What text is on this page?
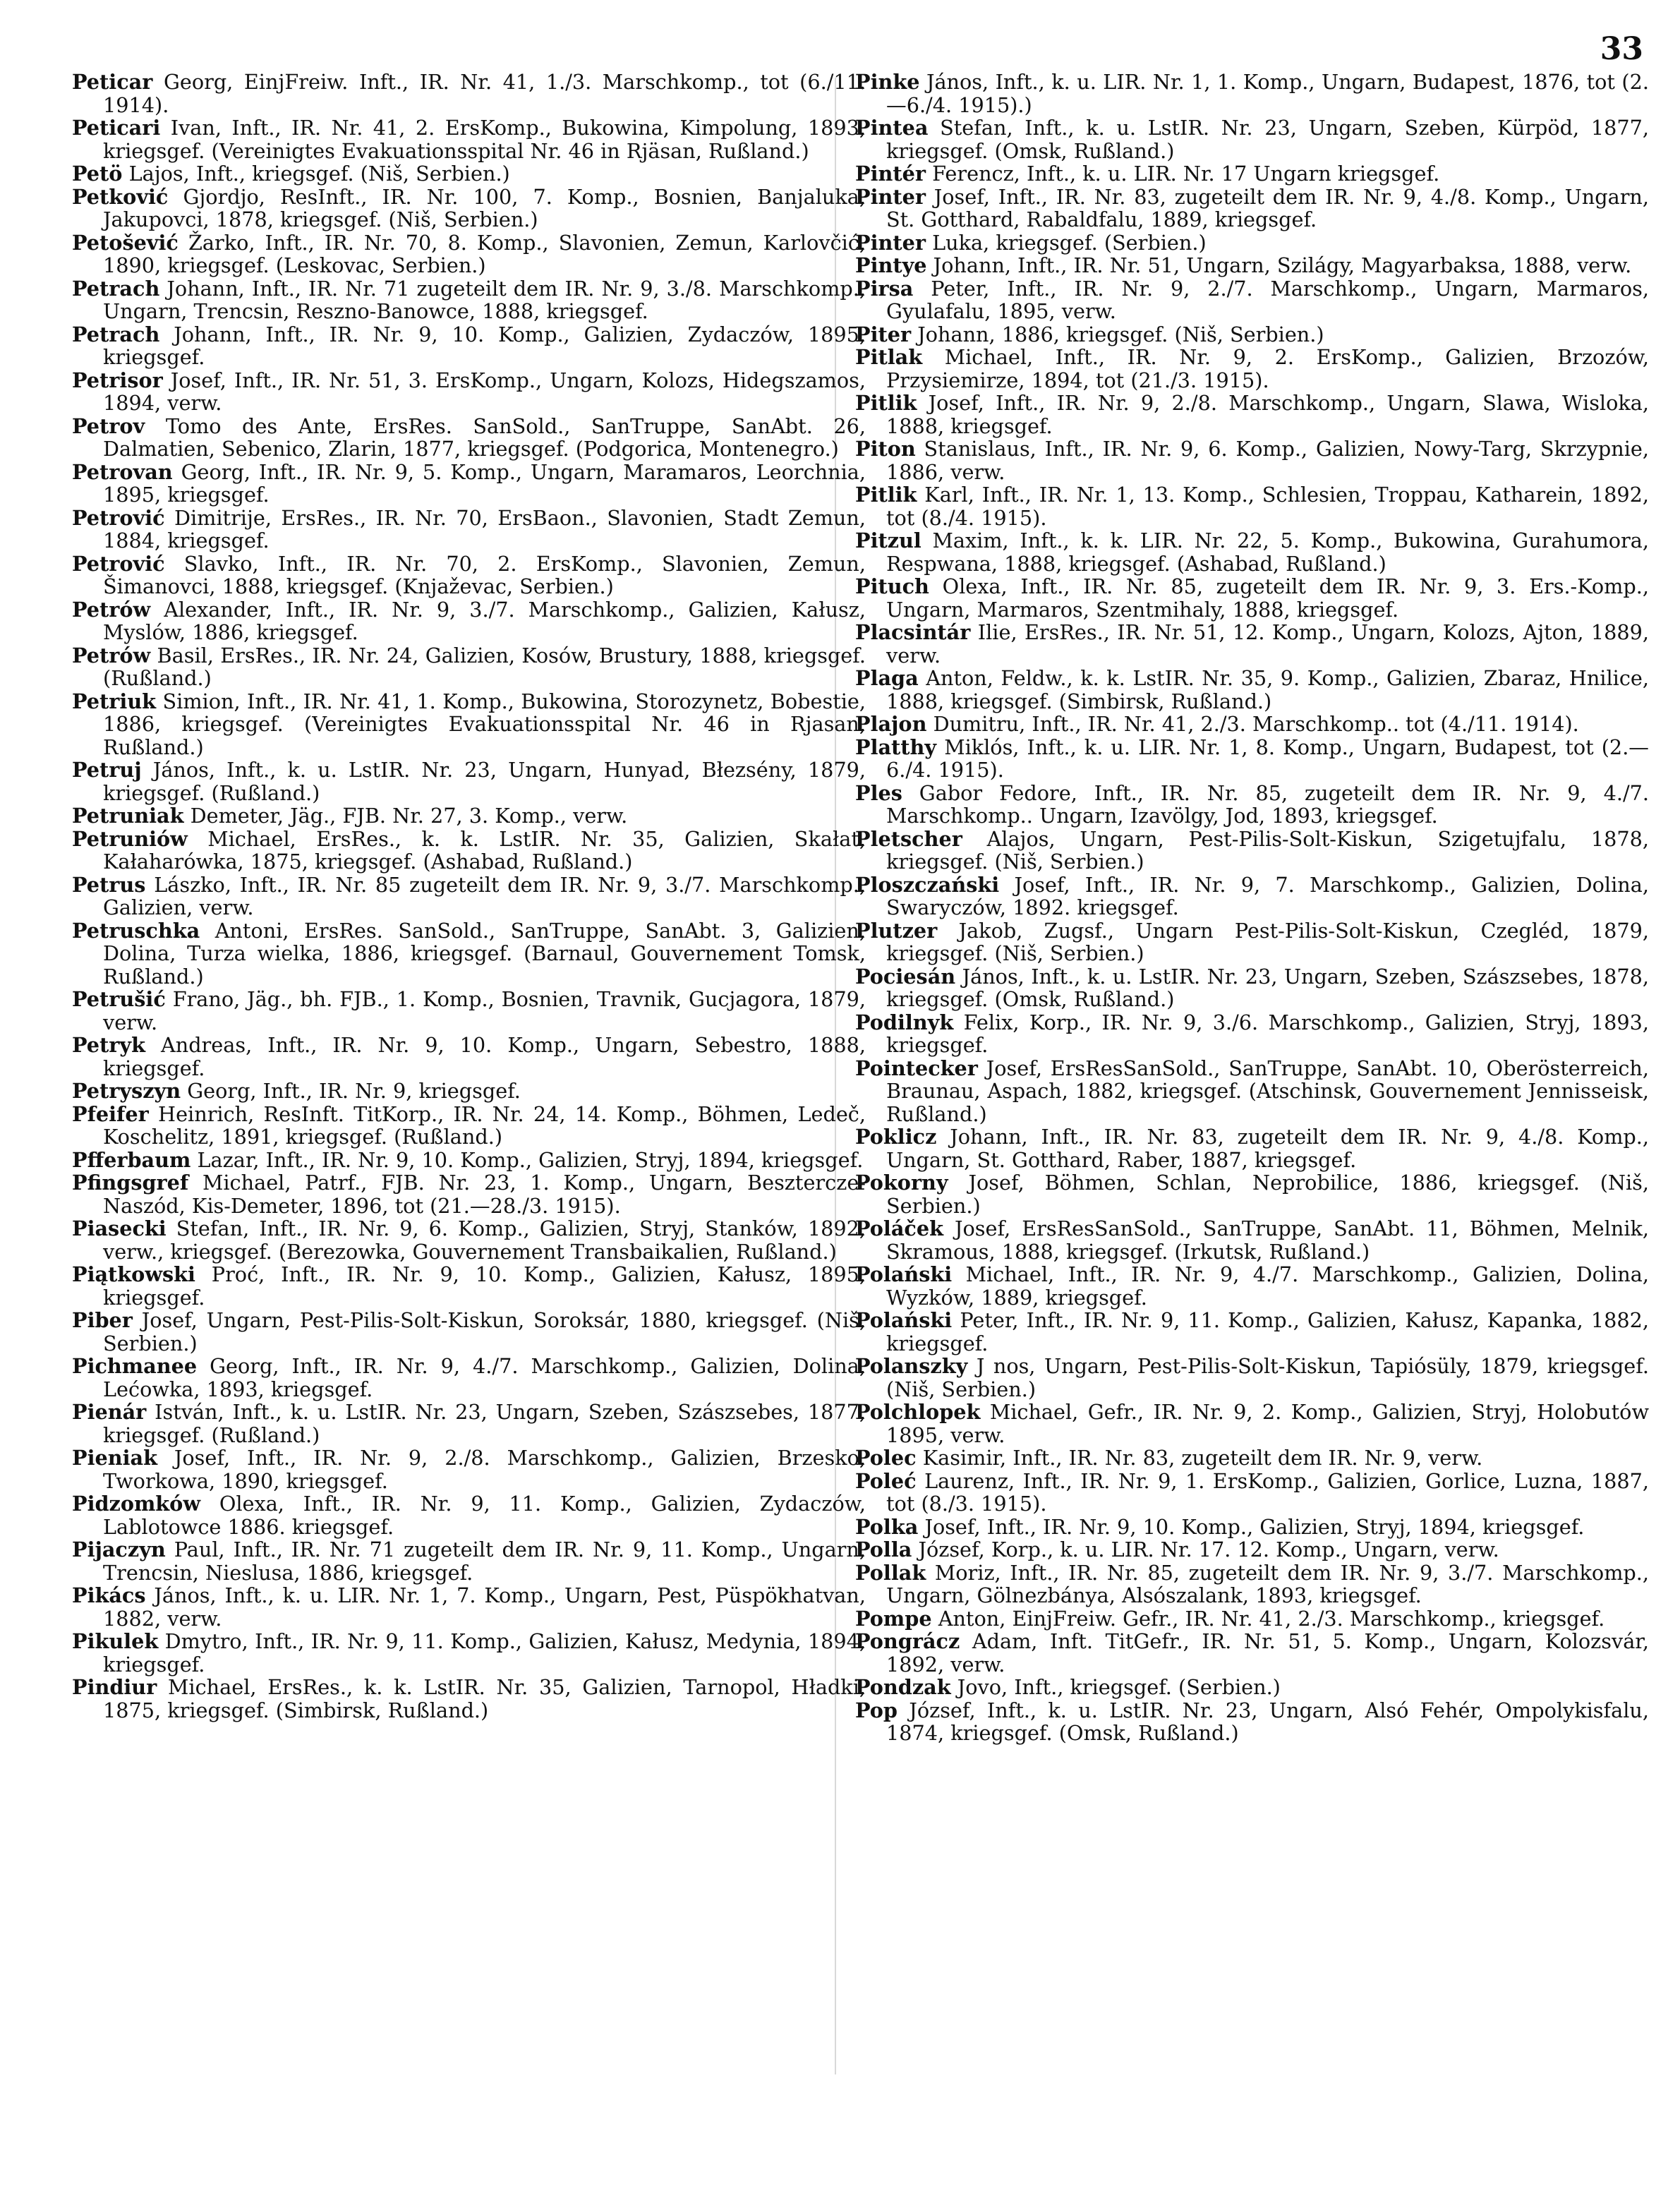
33

Peticar Georg, EinjFreiw. Inft., IR. Nr. 41, 1./3. Marschkomp., tot (6./11. 1914).

Peticari Ivan, Inft., IR. Nr. 41, 2. ErsKomp., Bukowina, Kimpolung, 1893, kriegsgef. (Vereinigtes Evakuationsspital Nr. 46 in Rjäsan, Rußland.)

Petö Lajos, Inft., kriegsgef. (Niš, Serbien.)

Petković Gjordjo, ResInft., IR. Nr. 100, 7. Komp., Bosnien, Banjaluka, Jakupovci, 1878, kriegsgef. (Niš, Serbien.)

Petošević Žarko, Inft., IR. Nr. 70, 8. Komp., Slavonien, Zemun, Karlovčić, 1890, kriegsgef. (Leskovac, Serbien.)

Petrach Johann, Inft., IR. Nr. 71 zugeteilt dem IR. Nr. 9, 3./8. Marschkomp., Ungarn, Trencsin, Reszno-Banowce, 1888, kriegsgef.

Petrach Johann, Inft., IR. Nr. 9, 10. Komp., Galizien, Zydaczów, 1895, kriegsgef.

Petrisor Josef, Inft., IR. Nr. 51, 3. ErsKomp., Ungarn, Kolozs, Hidegszamos, 1894, verw.

Petrov Tomo des Ante, ErsRes. SanSold., SanTruppe, SanAbt. 26, Dalmatien, Sebenico, Zlarin, 1877, kriegsgef. (Podgorica, Montenegro.)

Petrovan Georg, Inft., IR. Nr. 9, 5. Komp., Ungarn, Maramaros, Leorchnia, 1895, kriegsgef.

Petrović Dimitrije, ErsRes., IR. Nr. 70, ErsBaon., Slavonien, Stadt Zemun, 1884, kriegsgef.

Petrović Slavko, Inft., IR. Nr. 70, 2. ErsKomp., Slavonien, Zemun, Šimanovci, 1888, kriegsgef. (Knjaževac, Serbien.)

Petrów Alexander, Inft., IR. Nr. 9, 3./7. Marschkomp., Galizien, Kałusz, Myslów, 1886, kriegsgef.

Petrów Basil, ErsRes., IR. Nr. 24, Galizien, Kosów, Brustury, 1888, kriegsgef. (Rußland.)

Petriuk Simion, Inft., IR. Nr. 41, 1. Komp., Bukowina, Storozynetz, Bobestie, 1886, kriegsgef. (Vereinigtes Evakuationsspital Nr. 46 in Rjasan, Rußland.)

Petruj János, Inft., k. u. LstIR. Nr. 23, Ungarn, Hunyad, Błezsény, 1879, kriegsgef. (Rußland.)

Petruniak Demeter, Jäg., FJB. Nr. 27, 3. Komp., verw.

Petruniów Michael, ErsRes., k. k. LstIR. Nr. 35, Galizien, Skałat, Kałaharówka, 1875, kriegsgef. (Ashabad, Rußland.)

Petrus Lászko, Inft., IR. Nr. 85 zugeteilt dem IR. Nr. 9, 3./7. Marschkomp., Galizien, verw.

Petruschka Antoni, ErsRes. SanSold., SanTruppe, SanAbt. 3, Galizien, Dolina, Turza wielka, 1886, kriegsgef. (Barnaul, Gouvernement Tomsk, Rußland.)

Petrušić Frano, Jäg., bh. FJB., 1. Komp., Bosnien, Travnik, Gucjagora, 1879, verw.

Petryk Andreas, Inft., IR. Nr. 9, 10. Komp., Ungarn, Sebestro, 1888, kriegsgef.

Petryszyn Georg, Inft., IR. Nr. 9, kriegsgef.

Pfeifer Heinrich, ResInft. TitKorp., IR. Nr. 24, 14. Komp., Böhmen, Ledeč, Koschelitz, 1891, kriegsgef. (Rußland.)

Pfferbaum Lazar, Inft., IR. Nr. 9, 10. Komp., Galizien, Stryj, 1894, kriegsgef.

Pfingsgref Michael, Patrf., FJB. Nr. 23, 1. Komp., Ungarn, Besztercze-Naszód, Kis-Demeter, 1896, tot (21.—28./3. 1915).

Piasecki Stefan, Inft., IR. Nr. 9, 6. Komp., Galizien, Stryj, Stanków, 1892, verw., kriegsgef. (Berezowka, Gouvernement Transbaikalien, Rußland.)

Piątkowski Proć, Inft., IR. Nr. 9, 10. Komp., Galizien, Kałusz, 1895, kriegsgef.

Piber Josef, Ungarn, Pest-Pilis-Solt-Kiskun, Soroksár, 1880, kriegsgef. (Niš, Serbien.)

Pichmanee Georg, Inft., IR. Nr. 9, 4./7. Marschkomp., Galizien, Dolina, Lećowka, 1893, kriegsgef.

Pienár István, Inft., k. u. LstIR. Nr. 23, Ungarn, Szeben, Szászsebes, 1877, kriegsgef. (Rußland.)

Pieniak Josef, Inft., IR. Nr. 9, 2./8. Marschkomp., Galizien, Brzesko, Tworkowa, 1890, kriegsgef.

Pidzomków Olexa, Inft., IR. Nr. 9, 11. Komp., Galizien, Zydaczów, Lablotowce 1886. kriegsgef.

Pijaczyn Paul, Inft., IR. Nr. 71 zugeteilt dem IR. Nr. 9, 11. Komp., Ungarn, Trencsin, Nieslusa, 1886, kriegsgef.

Pikács János, Inft., k. u. LIR. Nr. 1, 7. Komp., Ungarn, Pest, Püspökhatvan, 1882, verw.

Pikulek Dmytro, Inft., IR. Nr. 9, 11. Komp., Galizien, Kałusz, Medynia, 1894, kriegsgef.

Pindiur Michael, ErsRes., k. k. LstIR. Nr. 35, Galizien, Tarnopol, Hładki, 1875, kriegsgef. (Simbirsk, Rußland.)

Pinke János, Inft., k. u. LIR. Nr. 1, 1. Komp., Ungarn, Budapest, 1876, tot (2.—6./4. 1915).)

Pintea Stefan, Inft., k. u. LstIR. Nr. 23, Ungarn, Szeben, Kürpöd, 1877, kriegsgef. (Omsk, Rußland.)

Pintér Ferencz, Inft., k. u. LIR. Nr. 17 Ungarn kriegsgef.

Pinter Josef, Inft., IR. Nr. 83, zugeteilt dem IR. Nr. 9, 4./8. Komp., Ungarn, St. Gotthard, Rabaldfalu, 1889, kriegsgef.

Pinter Luka, kriegsgef. (Serbien.)

Pintye Johann, Inft., IR. Nr. 51, Ungarn, Szilágy, Magyarbaksa, 1888, verw.

Pirsa Peter, Inft., IR. Nr. 9, 2./7. Marschkomp., Ungarn, Marmaros, Gyulafalu, 1895, verw.

Piter Johann, 1886, kriegsgef. (Niš, Serbien.)

Pitlak Michael, Inft., IR. Nr. 9, 2. ErsKomp., Galizien, Brzozów, Przysiemirze, 1894, tot (21./3. 1915).

Pitlik Josef, Inft., IR. Nr. 9, 2./8. Marschkomp., Ungarn, Slawa, Wisloka, 1888, kriegsgef.

Piton Stanislaus, Inft., IR. Nr. 9, 6. Komp., Galizien, Nowy-Targ, Skrzypnie, 1886, verw.

Pitlik Karl, Inft., IR. Nr. 1, 13. Komp., Schlesien, Troppau, Katharein, 1892, tot (8./4. 1915).

Pitzul Maxim, Inft., k. k. LIR. Nr. 22, 5. Komp., Bukowina, Gurahumora, Respwana, 1888, kriegsgef. (Ashabad, Rußland.)

Pituch Olexa, Inft., IR. Nr. 85, zugeteilt dem IR. Nr. 9, 3. Ers.-Komp., Ungarn, Marmaros, Szentmihaly, 1888, kriegsgef.

Placsintár Ilie, ErsRes., IR. Nr. 51, 12. Komp., Ungarn, Kolozs, Ajton, 1889, verw.

Plaga Anton, Feldw., k. k. LstIR. Nr. 35, 9. Komp., Galizien, Zbaraz, Hnilice, 1888, kriegsgef. (Simbirsk, Rußland.)

Plajon Dumitru, Inft., IR. Nr. 41, 2./3. Marschkomp.. tot (4./11. 1914).

Platthy Miklós, Inft., k. u. LIR. Nr. 1, 8. Komp., Ungarn, Budapest, tot (2.—6./4. 1915).

Ples Gabor Fedore, Inft., IR. Nr. 85, zugeteilt dem IR. Nr. 9, 4./7. Marschkomp.. Ungarn, Izavölgy, Jod, 1893, kriegsgef.

Pletscher Alajos, Ungarn, Pest-Pilis-Solt-Kiskun, Szigetujfalu, 1878, kriegsgef. (Niš, Serbien.)

Ploszczański Josef, Inft., IR. Nr. 9, 7. Marschkomp., Galizien, Dolina, Swaryczów, 1892. kriegsgef.

Plutzer Jakob, Zugsf., Ungarn Pest-Pilis-Solt-Kiskun, Czegléd, 1879, kriegsgef. (Niš, Serbien.)

Pociesán János, Inft., k. u. LstIR. Nr. 23, Ungarn, Szeben, Szászsebes, 1878, kriegsgef. (Omsk, Rußland.)

Podilnyk Felix, Korp., IR. Nr. 9, 3./6. Marschkomp., Galizien, Stryj, 1893, kriegsgef.

Pointecker Josef, ErsResSanSold., SanTruppe, SanAbt. 10, Oberösterreich, Braunau, Aspach, 1882, kriegsgef. (Atschinsk, Gouvernement Jennisseisk, Rußland.)

Poklicz Johann, Inft., IR. Nr. 83, zugeteilt dem IR. Nr. 9, 4./8. Komp., Ungarn, St. Gotthard, Raber, 1887, kriegsgef.

Pokorny Josef, Böhmen, Schlan, Neprobilice, 1886, kriegsgef. (Niš, Serbien.)

Poláček Josef, ErsResSanSold., SanTruppe, SanAbt. 11, Böhmen, Melnik, Skramous, 1888, kriegsgef. (Irkutsk, Rußland.)

Polański Michael, Inft., IR. Nr. 9, 4./7. Marschkomp., Galizien, Dolina, Wyzków, 1889, kriegsgef.

Polański Peter, Inft., IR. Nr. 9, 11. Komp., Galizien, Kałusz, Kapanka, 1882, kriegsgef.

Polanszky J nos, Ungarn, Pest-Pilis-Solt-Kiskun, Tapiósüly, 1879, kriegsgef. (Niš, Serbien.)

Polchlopek Michael, Gefr., IR. Nr. 9, 2. Komp., Galizien, Stryj, Holobutów 1895, verw.

Polec Kasimir, Inft., IR. Nr. 83, zugeteilt dem IR. Nr. 9, verw.

Poleć Laurenz, Inft., IR. Nr. 9, 1. ErsKomp., Galizien, Gorlice, Luzna, 1887, tot (8./3. 1915).

Polka Josef, Inft., IR. Nr. 9, 10. Komp., Galizien, Stryj, 1894, kriegsgef.

Polla József, Korp., k. u. LIR. Nr. 17. 12. Komp., Ungarn, verw.

Pollak Moriz, Inft., IR. Nr. 85, zugeteilt dem IR. Nr. 9, 3./7. Marschkomp., Ungarn, Gölnezbánya, Alsószalank, 1893, kriegsgef.

Pompe Anton, EinjFreiw. Gefr., IR. Nr. 41, 2./3. Marschkomp., kriegsgef.

Pongrácz Adam, Inft. TitGefr., IR. Nr. 51, 5. Komp., Ungarn, Kolozsvár, 1892, verw.

Pondzak Jovo, Inft., kriegsgef. (Serbien.)

Pop József, Inft., k. u. LstIR. Nr. 23, Ungarn, Alsó Fehér, Ompolykisfalu, 1874, kriegsgef. (Omsk, Rußland.)
